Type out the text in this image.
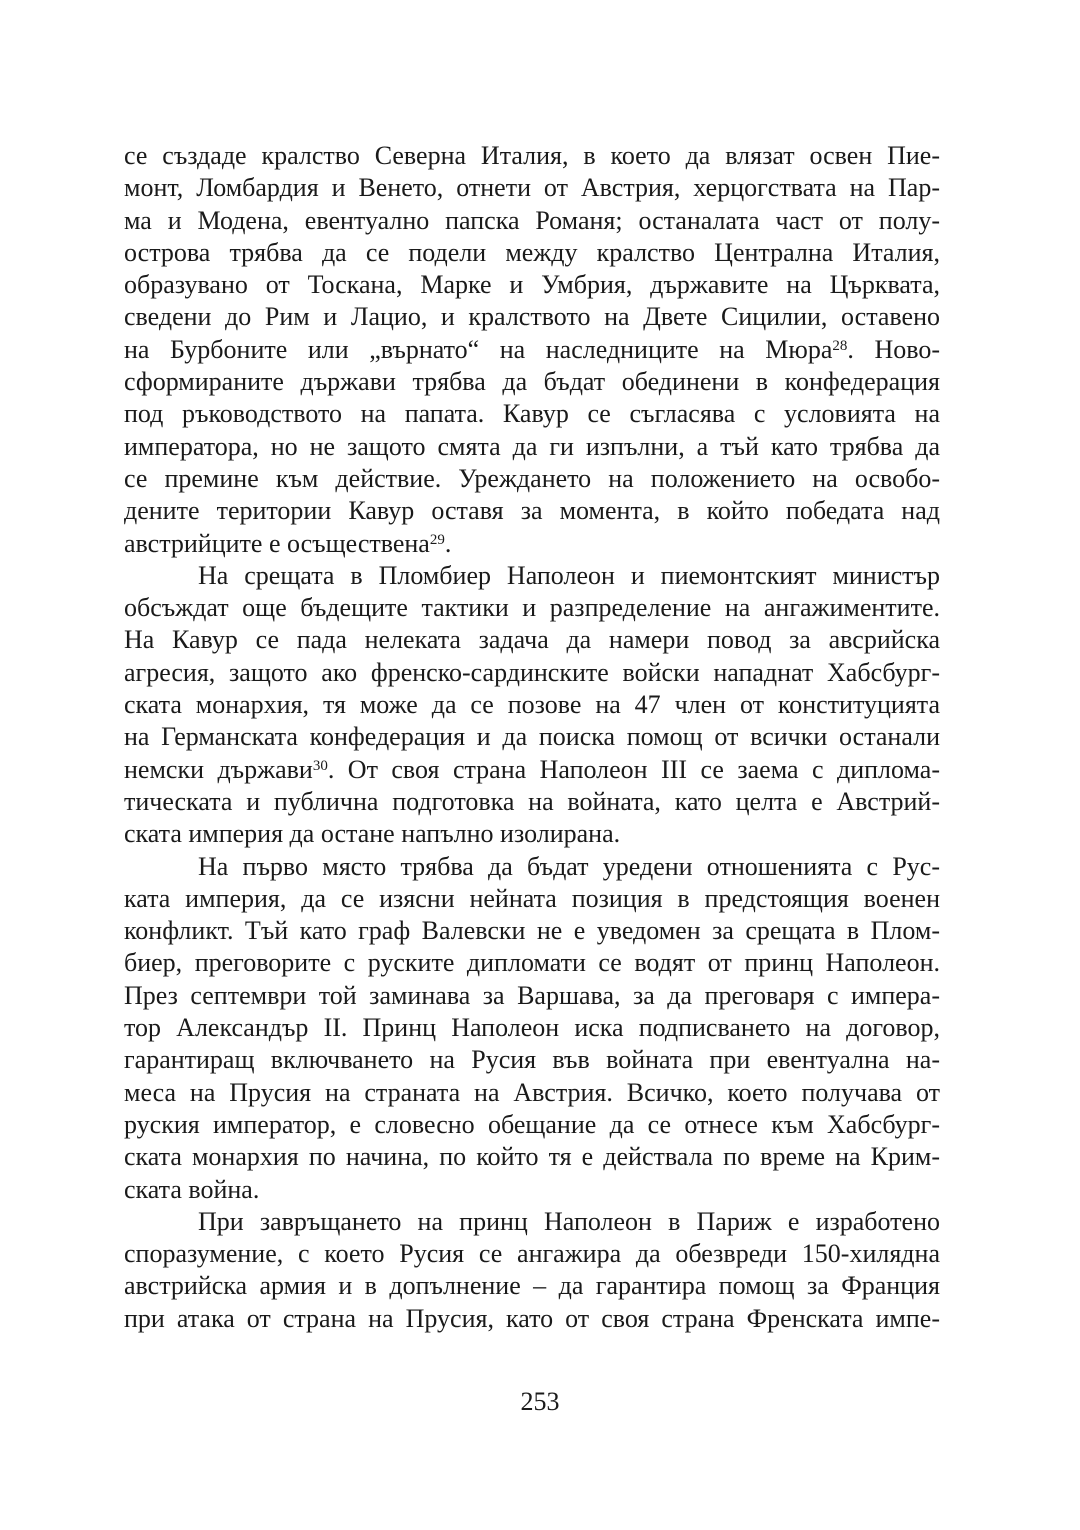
се създаде кралство Северна Италия, в което да влязат освен Пие-
монт, Ломбардия и Венето, отнети от Австрия, херцогствата на Пар-
ма и Модена, евентуално папска Романя; останалата част от полу-
острова трябва да се подели между кралство Централна Италия,
образувано от Тоскана, Марке и Умбрия, държавите на Църквата,
сведени до Рим и Лацио, и кралството на Двете Сицилии, оставено
на Бурбоните или „върнато“ на наследниците на Мюра$^{28}$. Ново-
сформираните държави трябва да бъдат обединени в конфедерация
под ръководството на папата. Кавур се съгласява с условията на
императора, но не защото смята да ги изпълни, а тъй като трябва да
се премине към действие. Уреждането на положението на освобо-
дените територии Кавур оставя за момента, в който победата над
австрийците е осъществена$^{29}$.
На срещата в Пломбиер Наполеон и пиемонтският министър
обсъждат още бъдещите тактики и разпределение на ангажиментите.
На Кавур се пада нелеката задача да намери повод за авсрийска
агресия, защото ако френско-сардинските войски нападнат Хабсбург-
ската монархия, тя може да се позове на 47 член от конституцията
на Германската конфедерация и да поиска помощ от всички останали
немски държави$^{30}$. От своя страна Наполеон III се заема с диплома-
тическата и публична подготовка на войната, като целта е Австрий-
ската империя да остане напълно изолирана.
На първо място трябва да бъдат уредени отношенията с Рус-
ката империя, да се изясни нейната позиция в предстоящия военен
конфликт. Тъй като граф Валевски не е уведомен за срещата в Плом-
биер, преговорите с руските дипломати се водят от принц Наполеон.
През септември той заминава за Варшава, за да преговаря с импера-
тор Александър II. Принц Наполеон иска подписването на договор,
гарантиращ включването на Русия във войната при евентуална на-
меса на Прусия на страната на Австрия. Всичко, което получава от
руския император, е словесно обещание да се отнесе към Хабсбург-
ската монархия по начина, по който тя е действала по време на Крим-
ската война.
При завръщането на принц Наполеон в Париж е изработено
споразумение, с което Русия се ангажира да обезвреди 150-хилядна
австрийска армия и в допълнение – да гарантира помощ за Франция
при атака от страна на Прусия, като от своя страна Френската импе-
253
